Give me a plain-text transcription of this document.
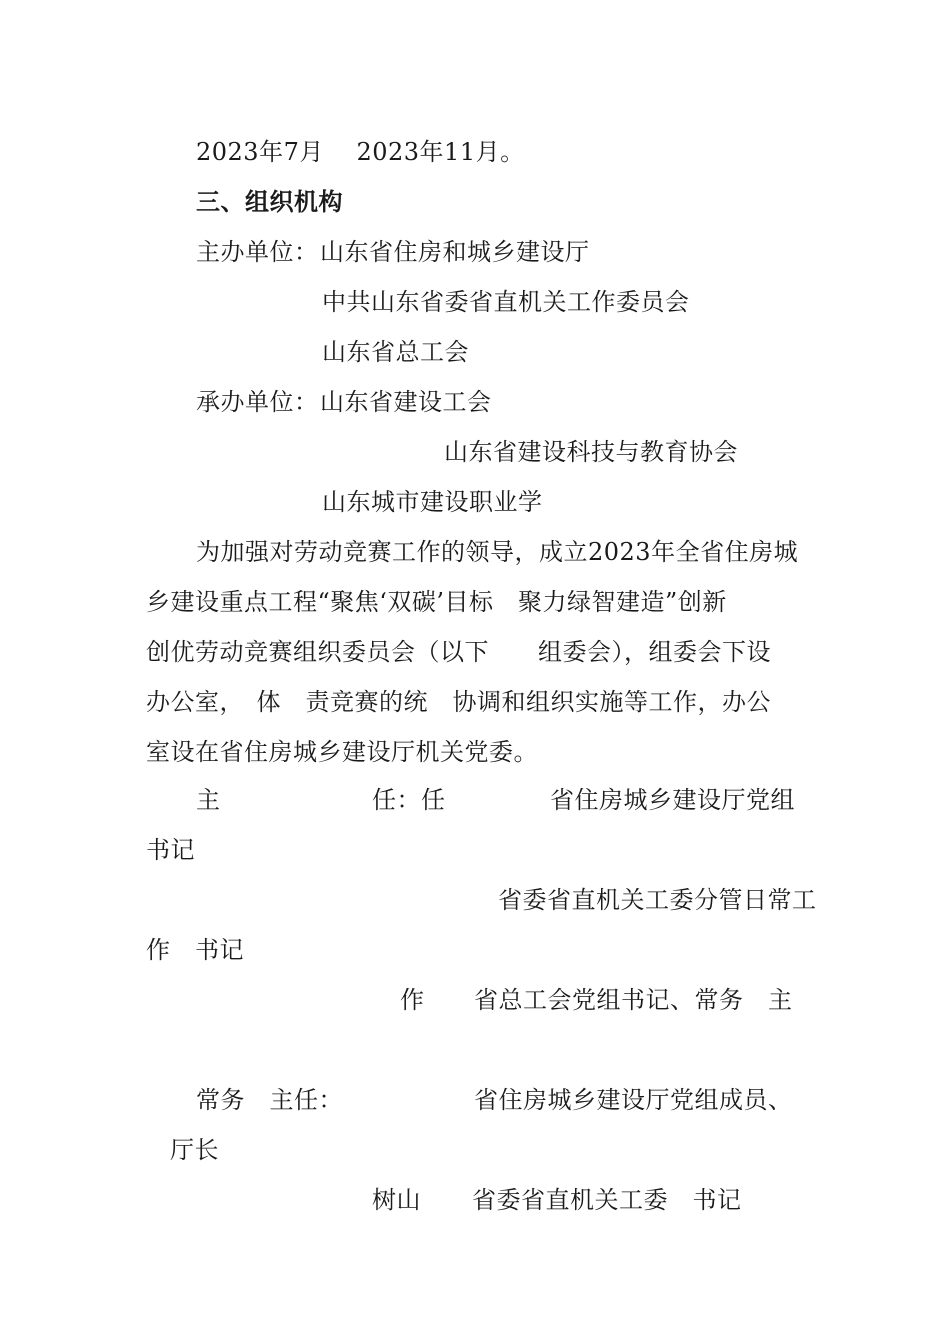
2023年7月　 2023年11月。
三、组织机构
主办单位： 山东省住房和城乡建设厅
中共山东省委省直机关工作委员会
山东省总工会
承办单位： 山东省建设工会
山东省建设科技与教育协会
山东城市建设职业学
为加强对劳动竞赛工作的领导，成立2023年全省住房城
乡建设重点工程“聚焦‘双碳’目标　聚力绿智建造”创新
创优劳动竞赛组织委员会（以下　　组委会），组委会下设
办公室，　体　责竞赛的统　协调和组织实施等工作，办公
室设在省住房城乡建设厅机关党委。
主	任：任	省住房城乡建设厅党组
书记
省委省直机关工委分管日常工
作　书记
作 省总工会党组书记、常务　主
常务　主任：	省住房城乡建设厅党组成员、
厅长
树山 省委省直机关工委　书记
